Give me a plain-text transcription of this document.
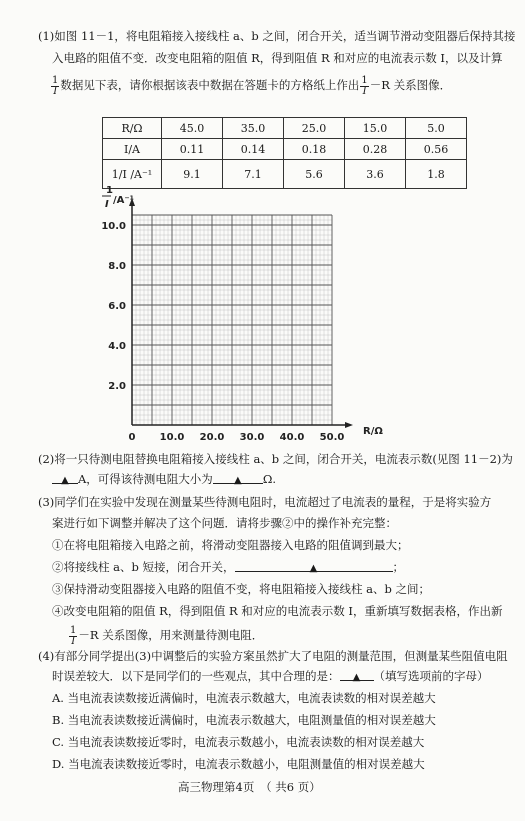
(1)如图 11－1，将电阻箱接入接线柱 a、b 之间，闭合开关，适当调节滑动变阻器后保持其接
入电路的阻值不变．改变电阻箱的阻值 R，得到阻值 R 和对应的电流表示数 I，以及计算
$\frac{1}{I}$ 数据见下表，请你根据该表中数据在答题卡的方格纸上作出 $\frac{1}{I} -R$ 关系图像．
R/Ω	45.0	35.0	25.0	15.0	5.0
I/A	0.11	0.14	0.18	0.28	0.56
1/I /A⁻¹	9.1	7.1	5.6	3.6	1.8
1
I /A⁻¹
R/Ω
10.0
8.0
6.0
4.0
2.0
0 10.0 20.0 30.0 40.0 50.0
(2)将一只待测电阻替换电阻箱接入接线柱 a、b 之间，闭合开关，电流表示数(见图 11－2)为
▲ A，可得该待测电阻大小为 ▲ Ω.
(3)同学们在实验中发现在测量某些待测电阻时，电流超过了电流表的量程，于是将实验方
案进行如下调整并解决了这个问题．请将步骤②中的操作补充完整：
①在将电阻箱接入电路之前，将滑动变阻器接入电路的阻值调到最大；
②将接线柱 a、b 短接，闭合开关，	▲	；
③保持滑动变阻器接入电路的阻值不变，将电阻箱接入接线柱 a、b 之间；
④改变电阻箱的阻值 R，得到阻值 R 和对应的电流表示数 I，重新填写数据表格，作出新
$\frac{1}{I} -R$ 关系图像，用来测量待测电阻．
(4)有部分同学提出(3)中调整后的实验方案虽然扩大了电阻的测量范围，但测量某些阻值电阻
时误差较大．以下是同学们的一些观点，其中合理的是： ▲ （填写选项前的字母）
A. 当电流表读数接近满偏时，电流表示数越大，电流表读数的相对误差越大
B. 当电流表读数接近满偏时，电流表示数越大，电阻测量值的相对误差越大
C. 当电流表读数接近零时，电流表示数越小，电流表读数的相对误差越大
D. 当电流表读数接近零时，电流表示数越小，电阻测量值的相对误差越大
高三物理第4页　（ 共6 页）
